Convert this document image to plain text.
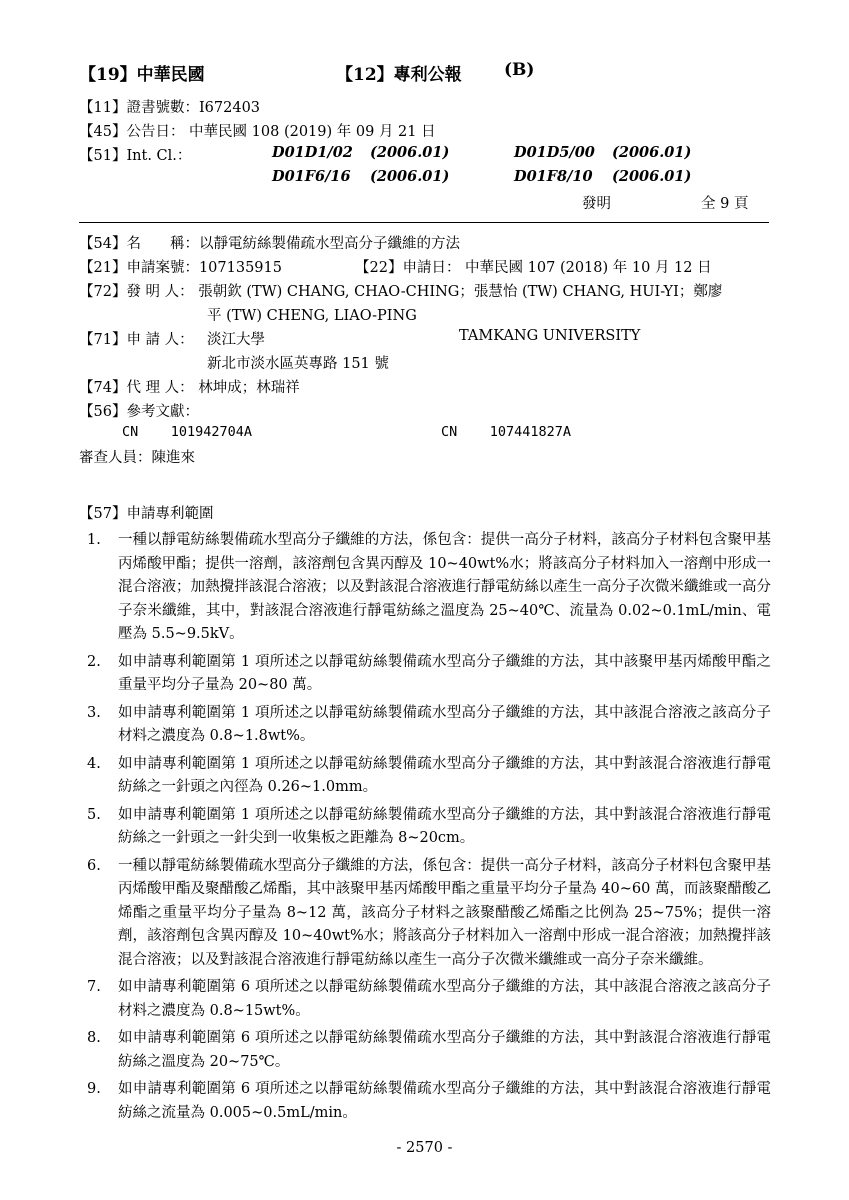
【19】中華民國	【12】專利公報 (B)
【11】證書號數：I672403
【45】公告日： 中華民國 108 (2019) 年 09 月 21 日
【51】Int. Cl.：	D01D1/02 (2006.01)	D01D5/00 (2006.01)
D01F6/16 (2006.01)	D01F8/10 (2006.01)
發明	全 9 頁
【54】名　　稱：以靜電紡絲製備疏水型高分子纖維的方法
【21】申請案號：107135915	【22】申請日： 中華民國 107 (2018) 年 10 月 12 日
【72】發 明 人： 張朝欽 (TW) CHANG, CHAO-CHING；張慧怡 (TW) CHANG, HUI-YI；鄭廖
平 (TW) CHENG, LIAO-PING
【71】申 請 人： 淡江大學	TAMKANG UNIVERSITY
新北市淡水區英專路 151 號
【74】代 理 人： 林坤成；林瑞祥
【56】參考文獻：
CN    101942704A	CN    107441827A
審查人員：陳進來
【57】申請專利範圍
1. 一種以靜電紡絲製備疏水型高分子纖維的方法，係包含：提供一高分子材料，該高分子材料包含聚甲基丙烯酸甲酯；提供一溶劑，該溶劑包含異丙醇及 10~40wt%水；將該高分子材料加入一溶劑中形成一混合溶液；加熱攪拌該混合溶液；以及對該混合溶液進行靜電紡絲以產生一高分子次微米纖維或一高分子奈米纖維，其中，對該混合溶液進行靜電紡絲之溫度為 25~40℃、流量為 0.02~0.1mL/min、電壓為 5.5~9.5kV。
2. 如申請專利範圍第 1 項所述之以靜電紡絲製備疏水型高分子纖維的方法，其中該聚甲基丙烯酸甲酯之重量平均分子量為 20~80 萬。
3. 如申請專利範圍第 1 項所述之以靜電紡絲製備疏水型高分子纖維的方法，其中該混合溶液之該高分子材料之濃度為 0.8~1.8wt%。
4. 如申請專利範圍第 1 項所述之以靜電紡絲製備疏水型高分子纖維的方法，其中對該混合溶液進行靜電紡絲之一針頭之內徑為 0.26~1.0mm。
5. 如申請專利範圍第 1 項所述之以靜電紡絲製備疏水型高分子纖維的方法，其中對該混合溶液進行靜電紡絲之一針頭之一針尖到一收集板之距離為 8~20cm。
6. 一種以靜電紡絲製備疏水型高分子纖維的方法，係包含：提供一高分子材料，該高分子材料包含聚甲基丙烯酸甲酯及聚醋酸乙烯酯，其中該聚甲基丙烯酸甲酯之重量平均分子量為 40~60 萬，而該聚醋酸乙烯酯之重量平均分子量為 8~12 萬，該高分子材料之該聚醋酸乙烯酯之比例為 25~75%；提供一溶劑，該溶劑包含異丙醇及 10~40wt%水；將該高分子材料加入一溶劑中形成一混合溶液；加熱攪拌該混合溶液；以及對該混合溶液進行靜電紡絲以產生一高分子次微米纖維或一高分子奈米纖維。
7. 如申請專利範圍第 6 項所述之以靜電紡絲製備疏水型高分子纖維的方法，其中該混合溶液之該高分子材料之濃度為 0.8~15wt%。
8. 如申請專利範圍第 6 項所述之以靜電紡絲製備疏水型高分子纖維的方法，其中對該混合溶液進行靜電紡絲之溫度為 20~75℃。
9. 如申請專利範圍第 6 項所述之以靜電紡絲製備疏水型高分子纖維的方法，其中對該混合溶液進行靜電紡絲之流量為 0.005~0.5mL/min。
- 2570 -
